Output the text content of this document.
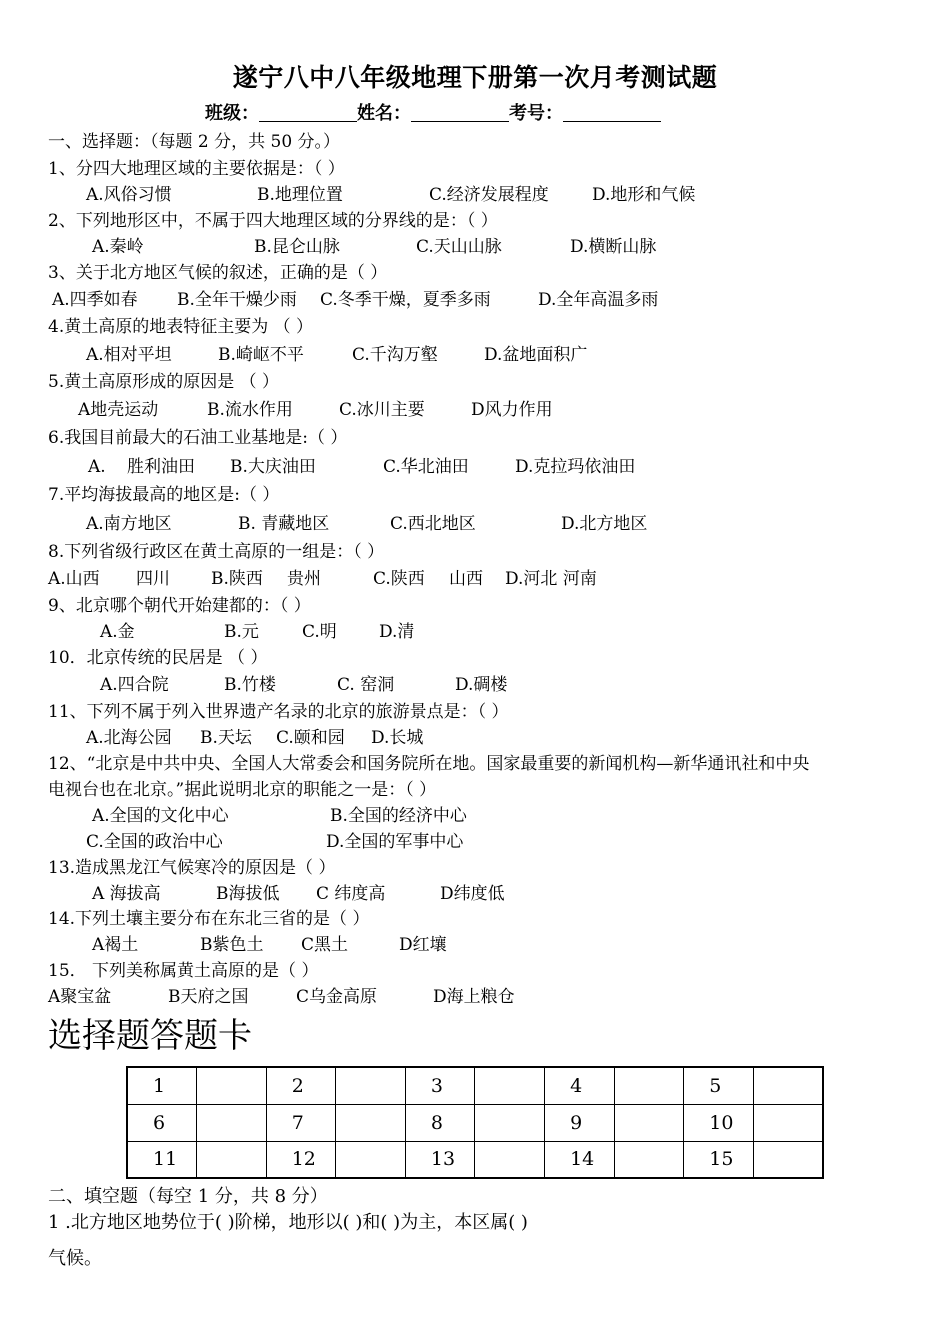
遂宁八中八年级地理下册第一次月考测试题
班级：	姓名：	考号：
一、选择题：（每题 2 分，共 50 分。）
1、分四大地理区域的主要依据是：（ ）
A.风俗习惯	B.地理位置	C.经济发展程度	D.地形和气候
2、下列地形区中，不属于四大地理区域的分界线的是：（ ）
A.秦岭	B.昆仑山脉	C.天山山脉	D.横断山脉
3、关于北方地区气候的叙述，正确的是（ ）
A.四季如春 B.全年干燥少雨 C.冬季干燥，夏季多雨	D.全年高温多雨
4.黄土高原的地表特征主要为 （ ）
A.相对平坦	B.崎岖不平	C.千沟万壑	D.盆地面积广
5.黄土高原形成的原因是 （ ）
A地壳运动	B.流水作用	C.冰川主要	D风力作用
6.我国目前最大的石油工业基地是:（ ）
A. 胜利油田 B.大庆油田	C.华北油田	D.克拉玛依油田
7.平均海拔最高的地区是:（ ）
A.南方地区	B. 青藏地区	C.西北地区	D.北方地区
8.下列省级行政区在黄土高原的一组是：（ ）
A.山西 四川 B.陕西 贵州	C.陕西 山西 D.河北 河南
9、北京哪个朝代开始建都的：（ ）
A.金	B.元	C.明 D.清
10．北京传统的民居是 （ ）
A.四合院	B.竹楼	C. 窑洞	D.碉楼
11、下列不属于列入世界遗产名录的北京的旅游景点是：（ ）
A.北海公园 B.天坛 C.颐和园 D.长城
12、“北京是中共中央、全国人大常委会和国务院所在地。国家最重要的新闻机构—新华通讯社和中央
电视台也在北京。”据此说明北京的职能之一是：（ ）
A.全国的文化中心	B.全国的经济中心
C.全国的政治中心	D.全国的军事中心
13.造成黑龙江气候寒冷的原因是（ ）
A 海拔高	B海拔低 C 纬度高	D纬度低
14.下列土壤主要分布在东北三省的是（ ）
A褐土	B紫色土 C黑土	D红壤
15． 下列美称属黄土高原的是（ ）
A聚宝盆	B天府之国	C乌金高原	D海上粮仓
选择题答题卡
1		2		3		4		5	
6		7		8		9		10	
11		12		13		14		15	
二、填空题（每空 1 分，共 8 分）
1 .北方地区地势位于( )阶梯，地形以( )和( )为主，本区属( )
气候。
